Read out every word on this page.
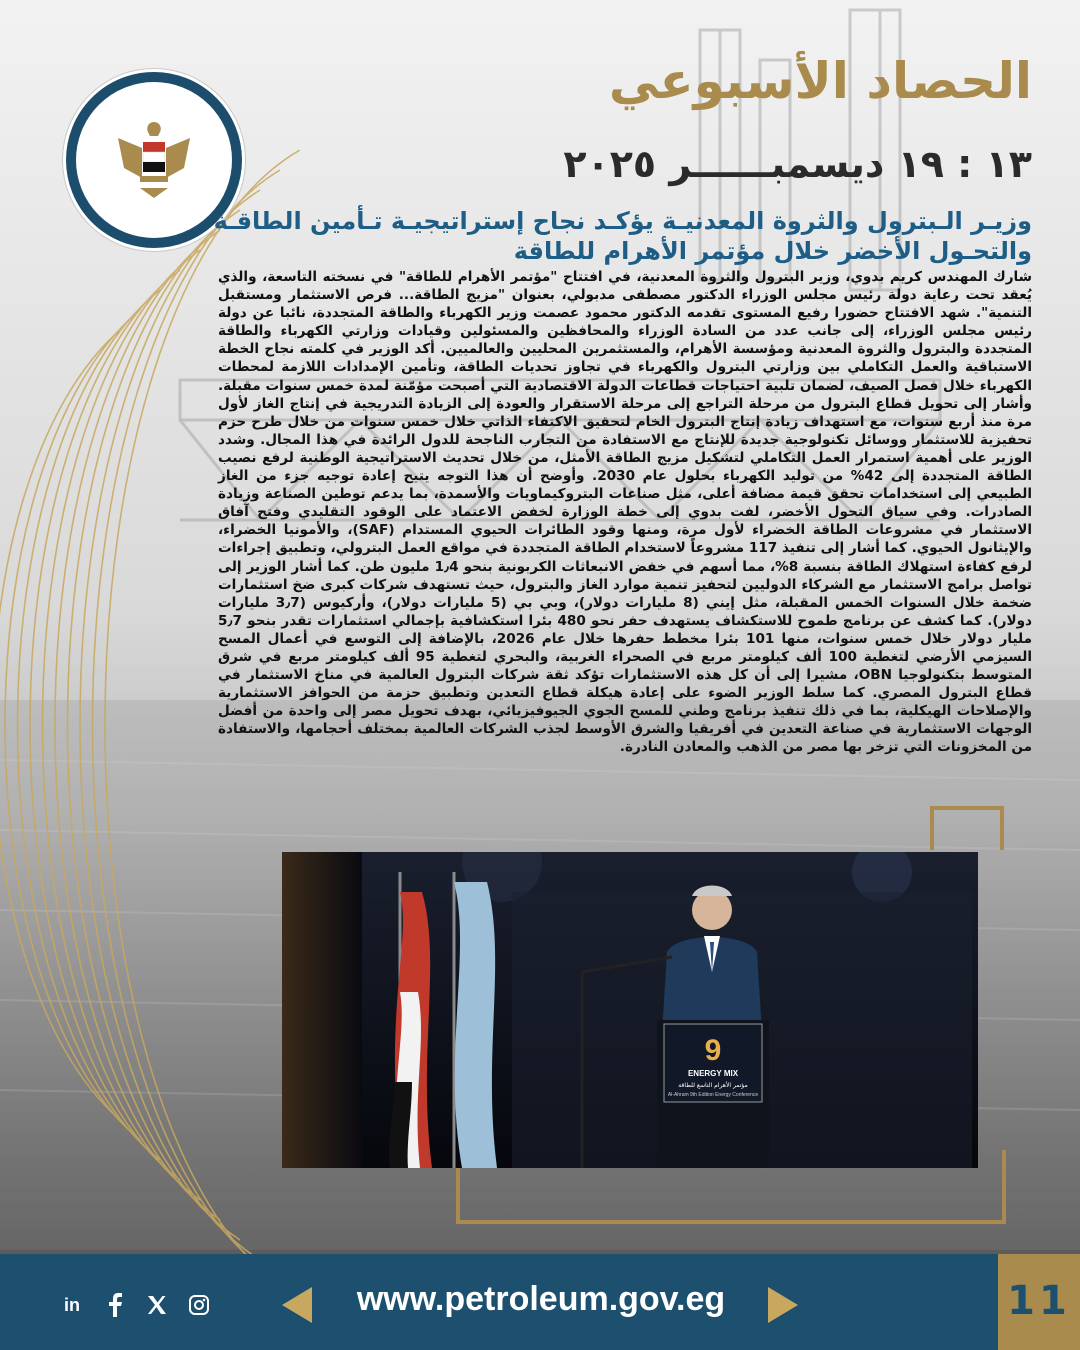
Ministry of Petroleum & Mineral Resources
وزارة البترول والثروة المعدنية
الحصاد الأسبوعي
١٣ : ١٩ ديسمبــــــر ٢٠٢٥
وزيـر الـبترول والثروة المعدنيـة يؤكـد نجاح إستراتيجيـة تـأمين الطاقـة والتحـول الأخضر خلال مؤتمر الأهرام للطاقة
شارك المهندس كريم بدوي، وزير البترول والثروة المعدنية، في افتتاح "مؤتمر الأهرام للطاقة" في نسخته التاسعة، والذي يُعقد تحت رعاية دولة رئيس مجلس الوزراء الدكتور مصطفى مدبولي، بعنوان "مزيج الطاقة... فرص الاستثمار ومستقبل التنمية". شهد الافتتاح حضورا رفيع المستوى تقدمه الدكتور محمود عصمت وزير الكهرباء والطاقة المتجددة، نائبا عن دولة رئيس مجلس الوزراء، إلى جانب عدد من السادة الوزراء والمحافظين والمسئولين وقيادات وزارتي الكهرباء والطاقة المتجددة والبترول والثروة المعدنية ومؤسسة الأهرام، والمستثمرين المحليين والعالميين. أكد الوزير في كلمته نجاح الخطة الاستباقية والعمل التكاملي بين وزارتي البترول والكهرباء في تجاوز تحديات الطاقة، وتأمين الإمدادات اللازمة لمحطات الكهرباء خلال فصل الصيف، لضمان تلبية احتياجات قطاعات الدولة الاقتصادية التي أصبحت مؤمّنة لمدة خمس سنوات مقبلة. وأشار إلى تحويل قطاع البترول من مرحلة التراجع إلى مرحلة الاستقرار والعودة إلى الزيادة التدريجية في إنتاج الغاز لأول مرة منذ أربع سنوات، مع استهداف زيادة إنتاج البترول الخام لتحقيق الاكتفاء الذاتي خلال خمس سنوات من خلال طرح حزم تحفيزية للاستثمار ووسائل تكنولوجية جديدة للإنتاج مع الاستفادة من التجارب الناجحة للدول الرائدة في هذا المجال. وشدد الوزير على أهمية استمرار العمل التكاملي لتشكيل مزيج الطاقة الأمثل، من خلال تحديث الاستراتيجية الوطنية لرفع نصيب الطاقة المتجددة إلى 42% من توليد الكهرباء بحلول عام 2030. وأوضح أن هذا التوجه يتيح إعادة توجيه جزء من الغاز الطبيعي إلى استخدامات تحقق قيمة مضافة أعلى، مثل صناعات البتروكيماويات والأسمدة، بما يدعم توطين الصناعة وزيادة الصادرات. وفي سياق التحول الأخضر، لفت بدوي إلى خطة الوزارة لخفض الاعتماد على الوقود التقليدي وفتح آفاق الاستثمار في مشروعات الطاقة الخضراء لأول مرة، ومنها وقود الطائرات الحيوي المستدام (SAF)، والأمونيا الخضراء، والإيثانول الحيوي. كما أشار إلى تنفيذ 117 مشروعاً لاستخدام الطاقة المتجددة في مواقع العمل البترولي، وتطبيق إجراءات لرفع كفاءة استهلاك الطاقة بنسبة 8%، مما أسهم في خفض الانبعاثات الكربونية بنحو 1٫4 مليون طن. كما أشار الوزير إلى تواصل برامج الاستثمار مع الشركاء الدوليين لتحفيز تنمية موارد الغاز والبترول، حيث تستهدف شركات كبرى ضخ استثمارات ضخمة خلال السنوات الخمس المقبلة، مثل إيني (8 مليارات دولار)، وبي بي (5 مليارات دولار)، وأركيوس (3٫7 مليارات دولار). كما كشف عن برنامج طموح للاستكشاف يستهدف حفر نحو 480 بئرا استكشافية بإجمالي استثمارات تقدر بنحو 5٫7 مليار دولار خلال خمس سنوات، منها 101 بئرا مخطط حفرها خلال عام 2026، بالإضافة إلى التوسع في أعمال المسح السيزمي الأرضي لتغطية 100 ألف كيلومتر مربع في الصحراء الغربية، والبحري لتغطية 95 ألف كيلومتر مربع في شرق المتوسط بتكنولوجيا OBN، مشيرا إلى أن كل هذه الاستثمارات تؤكد ثقة شركات البترول العالمية في مناخ الاستثمار في قطاع البترول المصري. كما سلط الوزير الضوء على إعادة هيكلة قطاع التعدين وتطبيق حزمة من الحوافز الاستثمارية والإصلاحات الهيكلية، بما في ذلك تنفيذ برنامج وطني للمسح الجوي الجيوفيزيائي، بهدف تحويل مصر إلى واحدة من أفضل الوجهات الاستثمارية في صناعة التعدين في أفريقيا والشرق الأوسط لجذب الشركات العالمية بمختلف أحجامها، والاستفادة من المخزونات التي تزخر بها مصر من الذهب والمعادن النادرة.
9
ENERGY MIX
مؤتمر الأهرام التاسع للطاقة
Al-Ahram 9th Edition Energy Conference
in	www.petroleum.gov.eg	11
